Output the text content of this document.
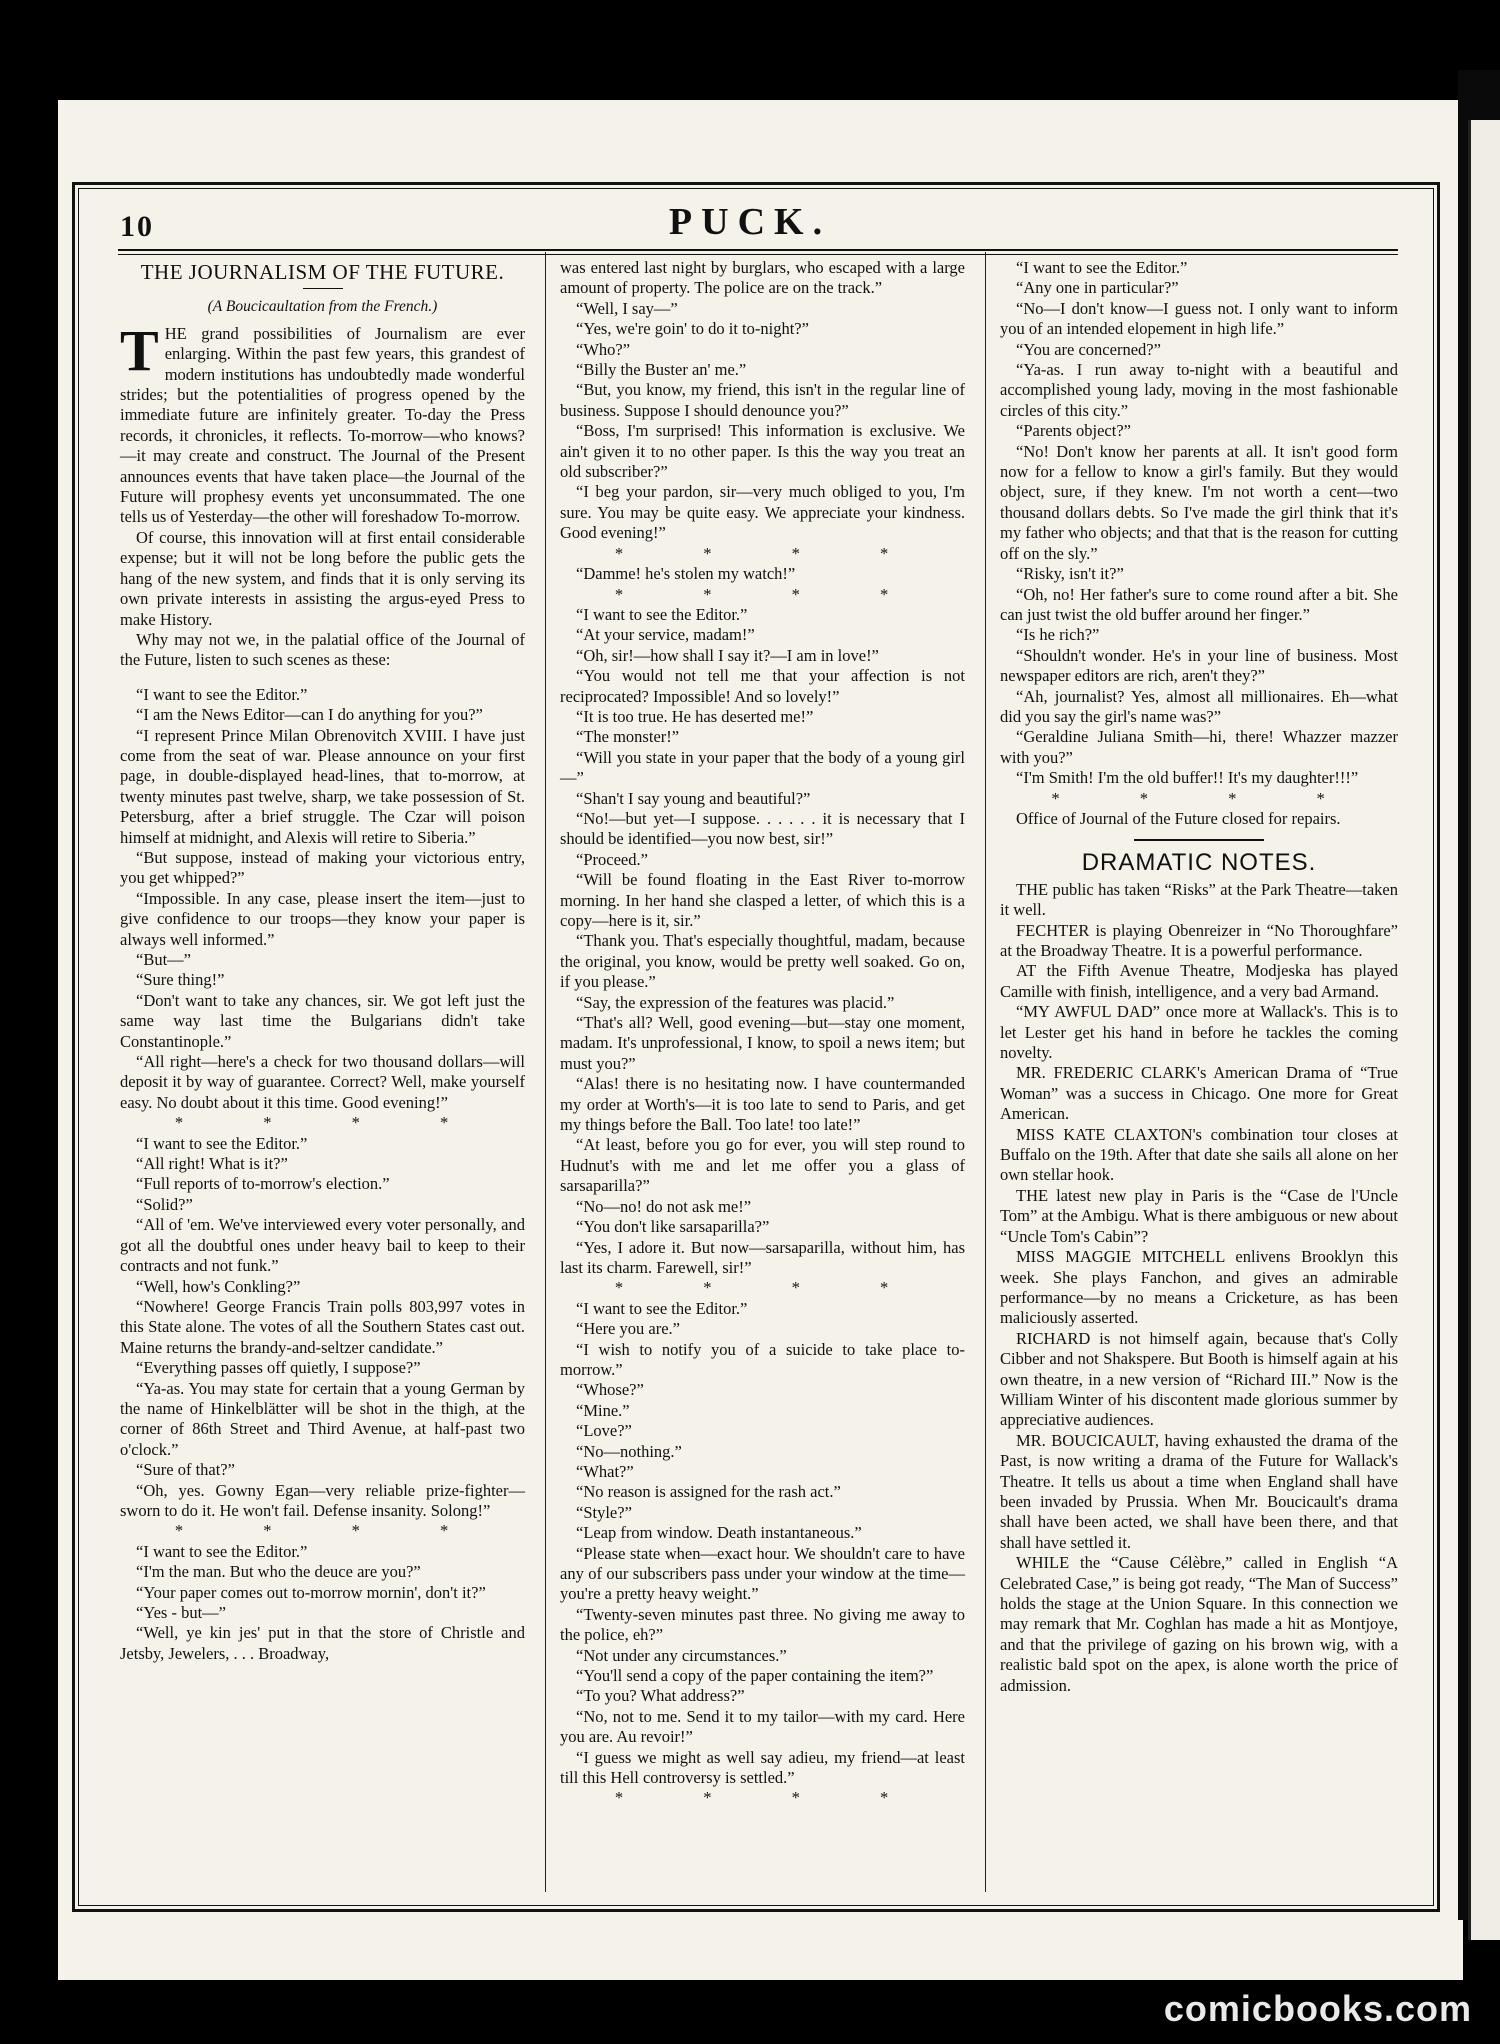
10	PUCK.
THE JOURNALISM OF THE FUTURE.
(A Boucicaultation from the French.)

THE grand possibilities of Journalism are ever enlarging. Within the past few years, this grandest of modern institutions has undoubtedly made wonderful strides; but the potentialities of progress opened by the immediate future are infinitely greater. To-day the Press records, it chronicles, it reflects. To-morrow—who knows?—it may create and construct. The Journal of the Present announces events that have taken place—the Journal of the Future will prophesy events yet unconsummated. The one tells us of Yesterday—the other will foreshadow To-morrow.

Of course, this innovation will at first entail considerable expense; but it will not be long before the public gets the hang of the new system, and finds that it is only serving its own private interests in assisting the argus-eyed Press to make History.

Why may not we, in the palatial office of the Journal of the Future, listen to such scenes as these:

“I want to see the Editor.”

“I am the News Editor—can I do anything for you?”

“I represent Prince Milan Obrenovitch XVIII. I have just come from the seat of war. Please announce on your first page, in double-displayed head-lines, that to-morrow, at twenty minutes past twelve, sharp, we take possession of St. Petersburg, after a brief struggle. The Czar will poison himself at midnight, and Alexis will retire to Siberia.”

“But suppose, instead of making your victorious entry, you get whipped?”

“Impossible. In any case, please insert the item—just to give confidence to our troops—they know your paper is always well informed.”

“But—”

“Sure thing!”

“Don't want to take any chances, sir. We got left just the same way last time the Bulgarians didn't take Constantinople.”

“All right—here's a check for two thousand dollars—will deposit it by way of guarantee. Correct? Well, make yourself easy. No doubt about it this time. Good evening!”

* * * *

“I want to see the Editor.”

“All right! What is it?”

“Full reports of to-morrow's election.”

“Solid?”

“All of 'em. We've interviewed every voter personally, and got all the doubtful ones under heavy bail to keep to their contracts and not funk.”

“Well, how's Conkling?”

“Nowhere! George Francis Train polls 803,997 votes in this State alone. The votes of all the Southern States cast out. Maine returns the brandy-and-seltzer candidate.”

“Everything passes off quietly, I suppose?”

“Ya-as. You may state for certain that a young German by the name of Hinkelblätter will be shot in the thigh, at the corner of 86th Street and Third Avenue, at half-past two o'clock.”

“Sure of that?”

“Oh, yes. Gowny Egan—very reliable prize-fighter—sworn to do it. He won't fail. Defense insanity. Solong!”

* * * *

“I want to see the Editor.”

“I'm the man. But who the deuce are you?”

“Your paper comes out to-morrow mornin', don't it?”

“Yes - but—”

“Well, ye kin jes' put in that the store of Christle and Jetsby, Jewelers, . . . Broadway,

was entered last night by burglars, who escaped with a large amount of property. The police are on the track.”

“Well, I say—”

“Yes, we're goin' to do it to-night?”

“Who?”

“Billy the Buster an' me.”

“But, you know, my friend, this isn't in the regular line of business. Suppose I should denounce you?”

“Boss, I'm surprised! This information is exclusive. We ain't given it to no other paper. Is this the way you treat an old subscriber?”

“I beg your pardon, sir—very much obliged to you, I'm sure. You may be quite easy. We appreciate your kindness. Good evening!”

* * * *

“Damme! he's stolen my watch!”

* * * *

“I want to see the Editor.”

“At your service, madam!”

“Oh, sir!—how shall I say it?—I am in love!”

“You would not tell me that your affection is not reciprocated? Impossible! And so lovely!”

“It is too true. He has deserted me!”

“The monster!”

“Will you state in your paper that the body of a young girl—”

“Shan't I say young and beautiful?”

“No!—but yet—I suppose. . . . . . it is necessary that I should be identified—you now best, sir!”

“Proceed.”

“Will be found floating in the East River to-morrow morning. In her hand she clasped a letter, of which this is a copy—here is it, sir.”

“Thank you. That's especially thoughtful, madam, because the original, you know, would be pretty well soaked. Go on, if you please.”

“Say, the expression of the features was placid.”

“That's all? Well, good evening—but—stay one moment, madam. It's unprofessional, I know, to spoil a news item; but must you?”

“Alas! there is no hesitating now. I have countermanded my order at Worth's—it is too late to send to Paris, and get my things before the Ball. Too late! too late!”

“At least, before you go for ever, you will step round to Hudnut's with me and let me offer you a glass of sarsaparilla?”

“No—no! do not ask me!”

“You don't like sarsaparilla?”

“Yes, I adore it. But now—sarsaparilla, without him, has last its charm. Farewell, sir!”

* * * *

“I want to see the Editor.”

“Here you are.”

“I wish to notify you of a suicide to take place to-morrow.”

“Whose?”

“Mine.”

“Love?”

“No—nothing.”

“What?”

“No reason is assigned for the rash act.”

“Style?”

“Leap from window. Death instantaneous.”

“Please state when—exact hour. We shouldn't care to have any of our subscribers pass under your window at the time—you're a pretty heavy weight.”

“Twenty-seven minutes past three. No giving me away to the police, eh?”

“Not under any circumstances.”

“You'll send a copy of the paper containing the item?”

“To you? What address?”

“No, not to me. Send it to my tailor—with my card. Here you are. Au revoir!”

“I guess we might as well say adieu, my friend—at least till this Hell controversy is settled.”

* * * *

“I want to see the Editor.”

“Any one in particular?”

“No—I don't know—I guess not. I only want to inform you of an intended elopement in high life.”

“You are concerned?”

“Ya-as. I run away to-night with a beautiful and accomplished young lady, moving in the most fashionable circles of this city.”

“Parents object?”

“No! Don't know her parents at all. It isn't good form now for a fellow to know a girl's family. But they would object, sure, if they knew. I'm not worth a cent—two thousand dollars debts. So I've made the girl think that it's my father who objects; and that that is the reason for cutting off on the sly.”

“Risky, isn't it?”

“Oh, no! Her father's sure to come round after a bit. She can just twist the old buffer around her finger.”

“Is he rich?”

“Shouldn't wonder. He's in your line of business. Most newspaper editors are rich, aren't they?”

“Ah, journalist? Yes, almost all millionaires. Eh—what did you say the girl's name was?”

“Geraldine Juliana Smith—hi, there! Whazzer mazzer with you?”

“I'm Smith! I'm the old buffer!! It's my daughter!!!”

* * * *

Office of Journal of the Future closed for repairs.

DRAMATIC NOTES.

THE public has taken “Risks” at the Park Theatre—taken it well.

FECHTER is playing Obenreizer in “No Thoroughfare” at the Broadway Theatre. It is a powerful performance.

AT the Fifth Avenue Theatre, Modjeska has played Camille with finish, intelligence, and a very bad Armand.

“MY AWFUL DAD” once more at Wallack's. This is to let Lester get his hand in before he tackles the coming novelty.

MR. FREDERIC CLARK's American Drama of “True Woman” was a success in Chicago. One more for Great American.

MISS KATE CLAXTON's combination tour closes at Buffalo on the 19th. After that date she sails all alone on her own stellar hook.

THE latest new play in Paris is the “Case de l'Uncle Tom” at the Ambigu. What is there ambiguous or new about “Uncle Tom's Cabin”?

MISS MAGGIE MITCHELL enlivens Brooklyn this week. She plays Fanchon, and gives an admirable performance—by no means a Cricketure, as has been maliciously asserted.

RICHARD is not himself again, because that's Colly Cibber and not Shakspere. But Booth is himself again at his own theatre, in a new version of “Richard III.” Now is the William Winter of his discontent made glorious summer by appreciative audiences.

MR. BOUCICAULT, having exhausted the drama of the Past, is now writing a drama of the Future for Wallack's Theatre. It tells us about a time when England shall have been invaded by Prussia. When Mr. Boucicault's drama shall have been acted, we shall have been there, and that shall have settled it.

WHILE the “Cause Célèbre,” called in English “A Celebrated Case,” is being got ready, “The Man of Success” holds the stage at the Union Square. In this connection we may remark that Mr. Coghlan has made a hit as Montjoye, and that the privilege of gazing on his brown wig, with a realistic bald spot on the apex, is alone worth the price of admission.

comicbooks.com
